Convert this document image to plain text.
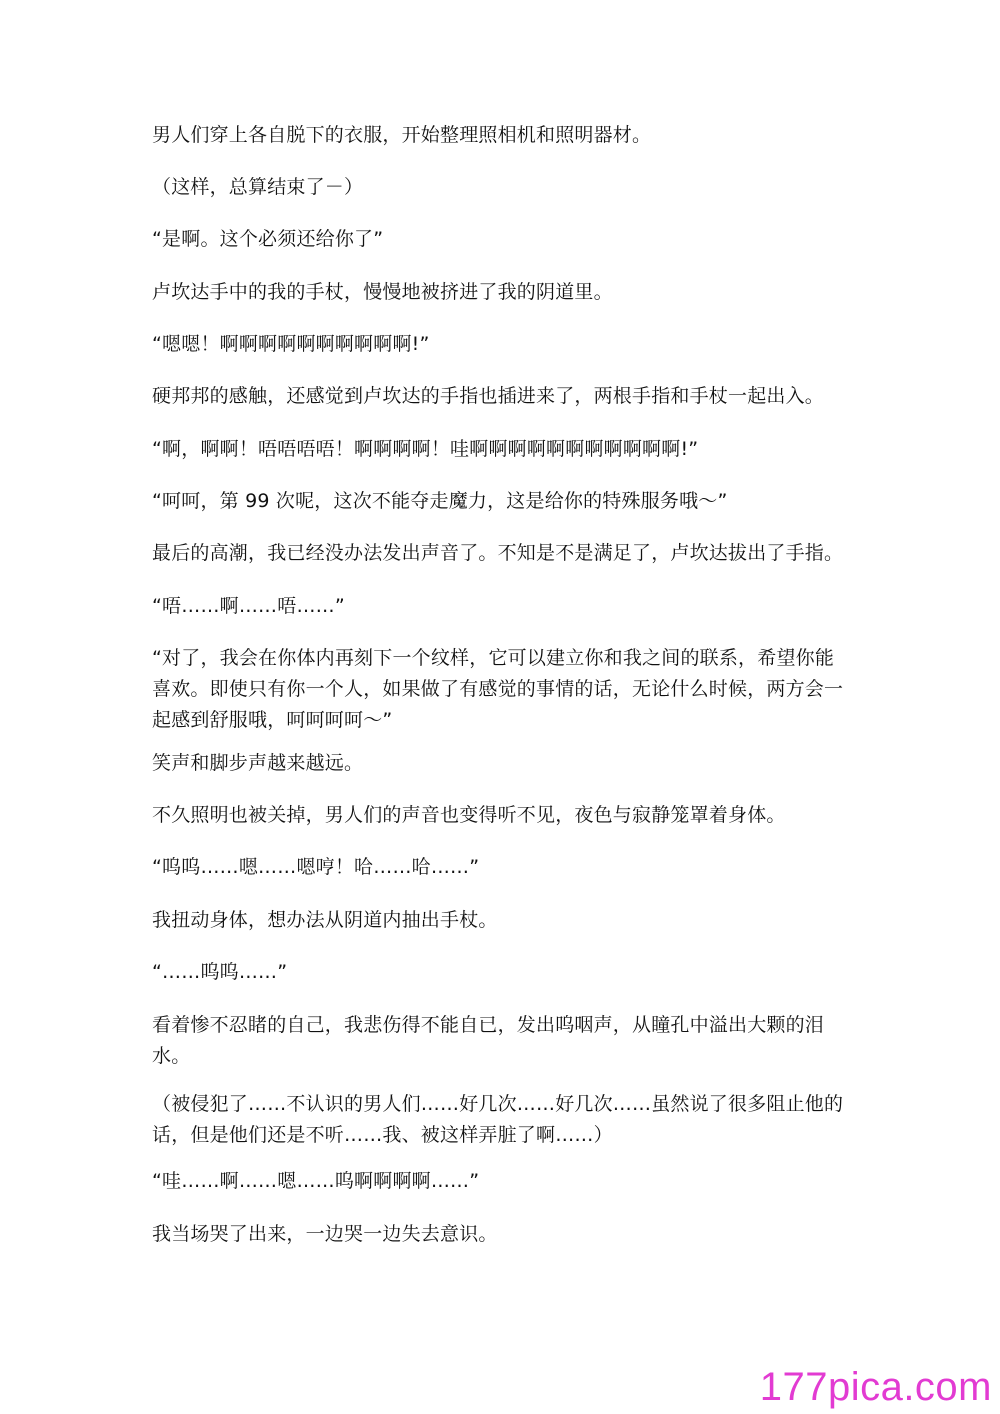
男人们穿上各自脱下的衣服，开始整理照相机和照明器材。

（这样，总算结束了－）

“是啊。这个必须还给你了”

卢坎达手中的我的手杖，慢慢地被挤进了我的阴道里。

“嗯嗯！啊啊啊啊啊啊啊啊啊啊!”

硬邦邦的感触，还感觉到卢坎达的手指也插进来了，两根手指和手杖一起出入。

“啊，啊啊！唔唔唔唔！啊啊啊啊！哇啊啊啊啊啊啊啊啊啊啊啊!”

“呵呵，第 99 次呢，这次不能夺走魔力，这是给你的特殊服务哦～”

最后的高潮，我已经没办法发出声音了。不知是不是满足了，卢坎达拔出了手指。

“唔……啊……唔……”

“对了，我会在你体内再刻下一个纹样，它可以建立你和我之间的联系，希望你能喜欢。即使只有你一个人，如果做了有感觉的事情的话，无论什么时候，两方会一起感到舒服哦，呵呵呵呵～”

笑声和脚步声越来越远。

不久照明也被关掉，男人们的声音也变得听不见，夜色与寂静笼罩着身体。

“呜呜……嗯……嗯哼！哈……哈……”

我扭动身体，想办法从阴道内抽出手杖。

“……呜呜……”

看着惨不忍睹的自己，我悲伤得不能自已，发出呜咽声，从瞳孔中溢出大颗的泪水。

（被侵犯了……不认识的男人们……好几次……好几次……虽然说了很多阻止他的话，但是他们还是不听……我、被这样弄脏了啊……）

“哇……啊……嗯……呜啊啊啊啊……”

我当场哭了出来，一边哭一边失去意识。

177pica.com
